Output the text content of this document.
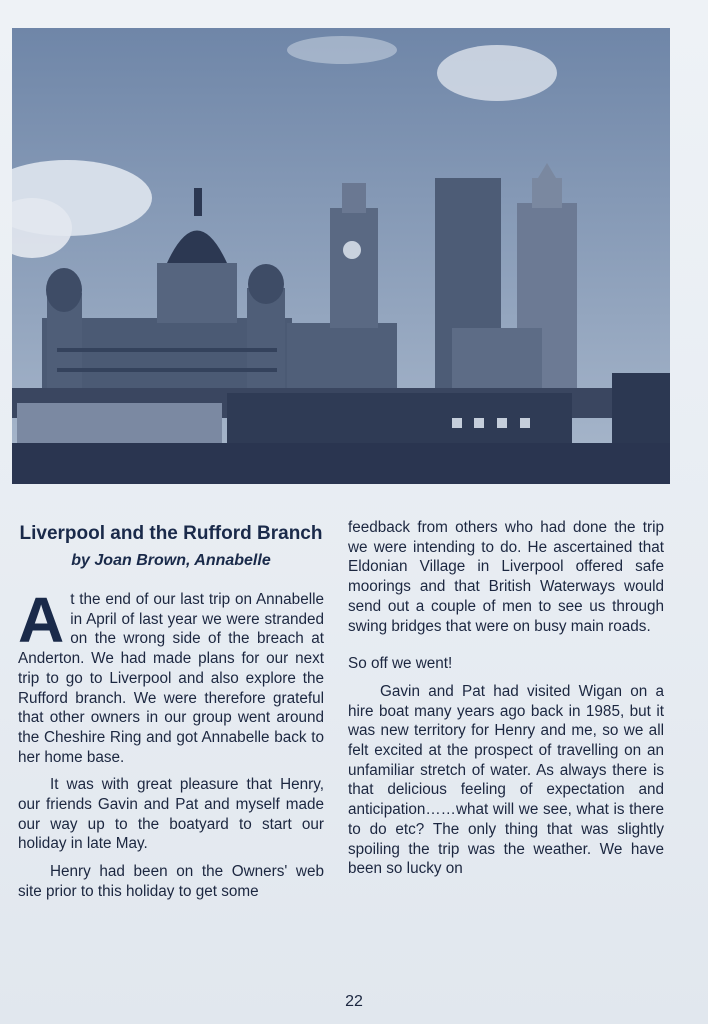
Liverpool and the Rufford Branch

by Joan Brown, Annabelle

At the end of our last trip on Annabelle in April of last year we were stranded on the wrong side of the breach at Anderton. We had made plans for our next trip to go to Liverpool and also explore the Rufford branch. We were therefore grateful that other owners in our group went around the Cheshire Ring and got Annabelle back to her home base.

It was with great pleasure that Henry, our friends Gavin and Pat and myself made our way up to the boatyard to start our holiday in late May.

Henry had been on the Owners' web site prior to this holiday to get some

feedback from others who had done the trip we were intending to do. He ascertained that Eldonian Village in Liverpool offered safe moorings and that British Waterways would send out a couple of men to see us through swing bridges that were on busy main roads.

So off we went!

Gavin and Pat had visited Wigan on a hire boat many years ago back in 1985, but it was new territory for Henry and me, so we all felt excited at the prospect of travelling on an unfamiliar stretch of water. As always there is that delicious feeling of expectation and anticipation……what will we see, what is there to do etc? The only thing that was slightly spoiling the trip was the weather. We have been so lucky on

22
